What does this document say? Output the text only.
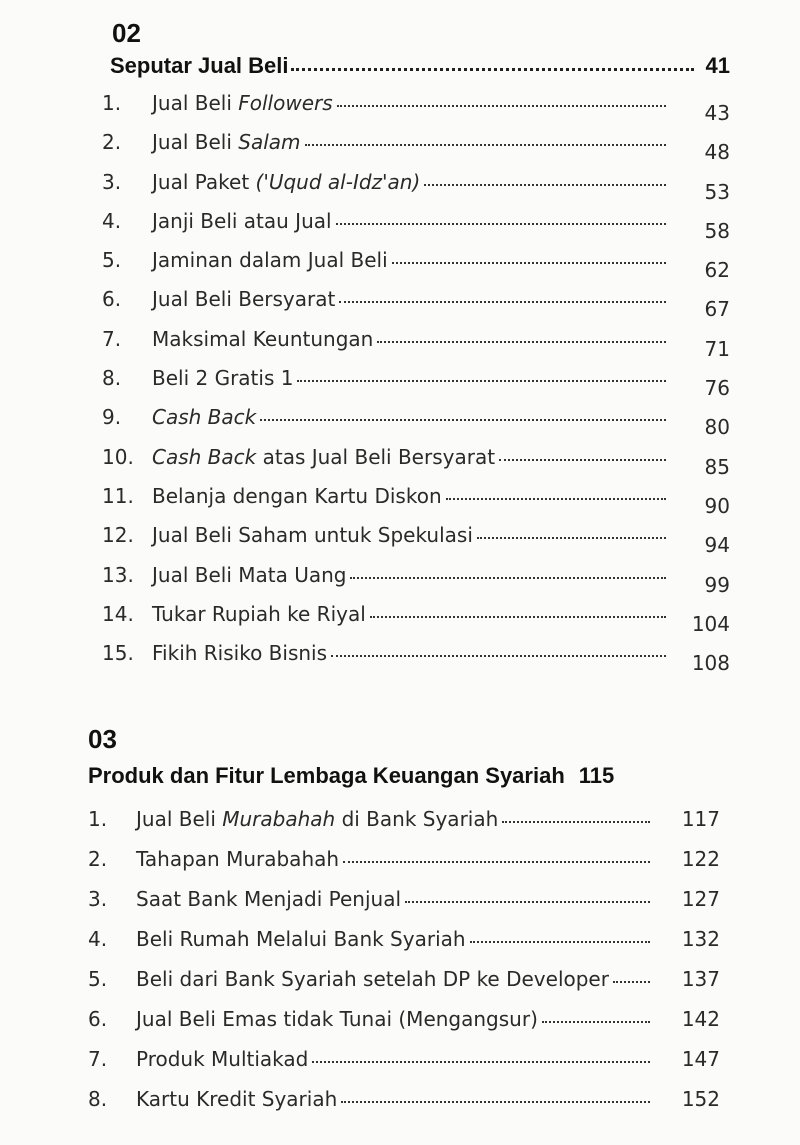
02
Seputar Jual Beli	41
1.	Jual Beli Followers	43
2.	Jual Beli Salam	48
3.	Jual Paket ('Uqud al-Idz'an)	53
4.	Janji Beli atau Jual	58
5.	Jaminan dalam Jual Beli	62
6.	Jual Beli Bersyarat	67
7.	Maksimal Keuntungan	71
8.	Beli 2 Gratis 1	76
9.	Cash Back	80
10. Cash Back atas Jual Beli Bersyarat	85
11. Belanja dengan Kartu Diskon	90
12. Jual Beli Saham untuk Spekulasi	94
13. Jual Beli Mata Uang	99
14. Tukar Rupiah ke Riyal	104
15. Fikih Risiko Bisnis	108
03
Produk dan Fitur Lembaga Keuangan Syariah 115
1.	Jual Beli Murabahah di Bank Syariah	117
2.	Tahapan Murabahah	122
3.	Saat Bank Menjadi Penjual	127
4.	Beli Rumah Melalui Bank Syariah	132
5.	Beli dari Bank Syariah setelah DP ke Developer	137
6.	Jual Beli Emas tidak Tunai (Mengangsur)	142
7.	Produk Multiakad	147
8.	Kartu Kredit Syariah	152
